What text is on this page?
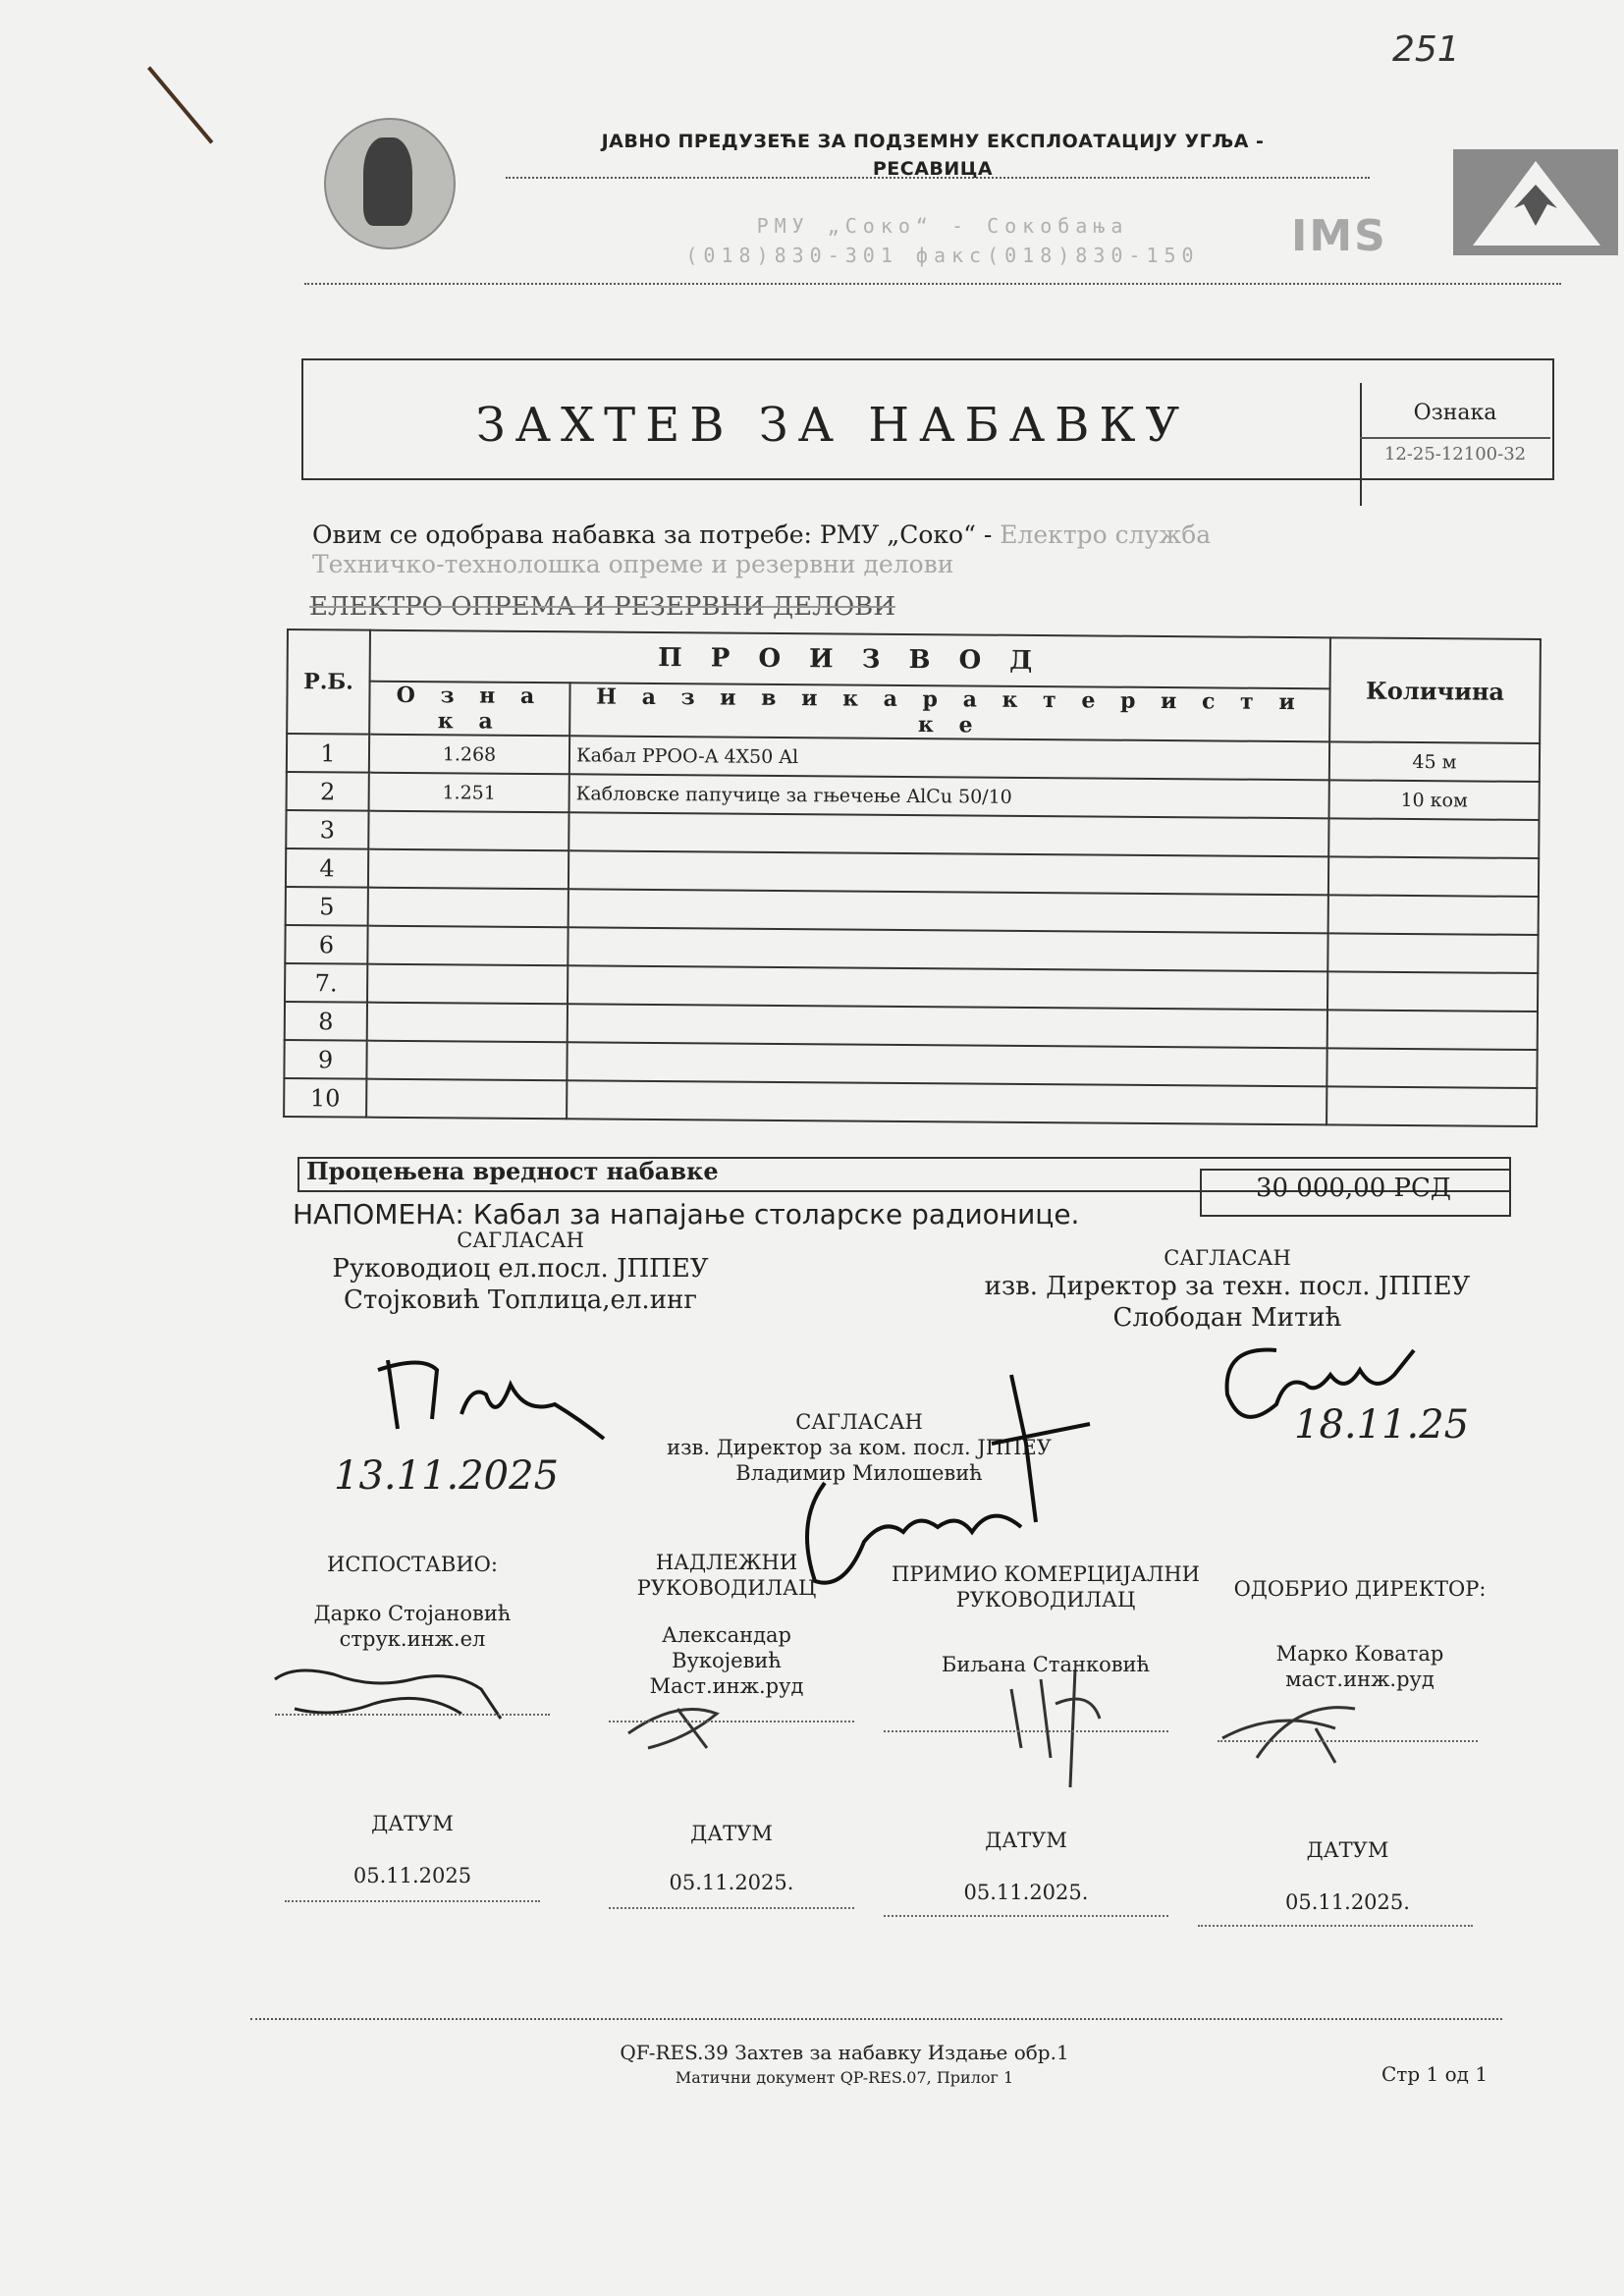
251
ЈАВНО ПРЕДУЗЕЋЕ ЗА ПОДЗЕМНУ ЕКСПЛОАТАЦИЈУ УГЉА - РЕСАВИЦА
РМУ „Соко“ - Сокобања
(018)830-301 факс(018)830-150	IMS
ЗАХТЕВ ЗА НАБАВКУ	Ознака
12-25-12100-32
Овим се одобрава набавка за потребе: РМУ „Соко“ - Електро служба
Техничко-технолошка опреме и резервни делови
ЕЛЕКТРО ОПРЕМА И РЕЗЕРВНИ ДЕЛОВИ
Р.Б.	П Р О И З В О Д		Количина
	О з н а к а	Н а з и в и к а р а к т е р и с т и к е	
1	1.268	Кабал PPOO-A 4X50 Al	45 м
2	1.251	Кабловске папучице за гњечење AlCu 50/10	10 ком
3			
4			
5			
6			
7.			
8			
9			
10			
Процењена вредност набавке
30 000,00 РСД
НАПОМЕНА: Кабал за напајање столарске радионице.
САГЛАСАН
Руководиоц ел.посл. ЈППЕУ
Стојковић Топлица,ел.инг
13.11.2025
САГЛАСАН
изв. Директор за техн. посл. ЈППЕУ
Слободан Митић
18.11.25
САГЛАСАН
изв. Директор за ком. посл. ЈППЕУ
Владимир Милошевић
ИСПОСТАВИО:
Дарко Стојановић
струк.инж.ел
ДАТУМ
05.11.2025
НАДЛЕЖНИ РУКОВОДИЛАЦ
Александар Вукојевић
Маст.инж.руд
ДАТУМ
05.11.2025.
ПРИМИО КОМЕРЦИЈАЛНИ РУКОВОДИЛАЦ
Биљана Станковић
ДАТУМ
05.11.2025.
ОДОБРИО ДИРЕКТОР:
Марко Коватар
маст.инж.руд
ДАТУМ
05.11.2025.
QF-RES.39 Захтев за набавку Издање обр.1
Матични документ QP-RES.07, Прилог 1	Стр 1 од 1
